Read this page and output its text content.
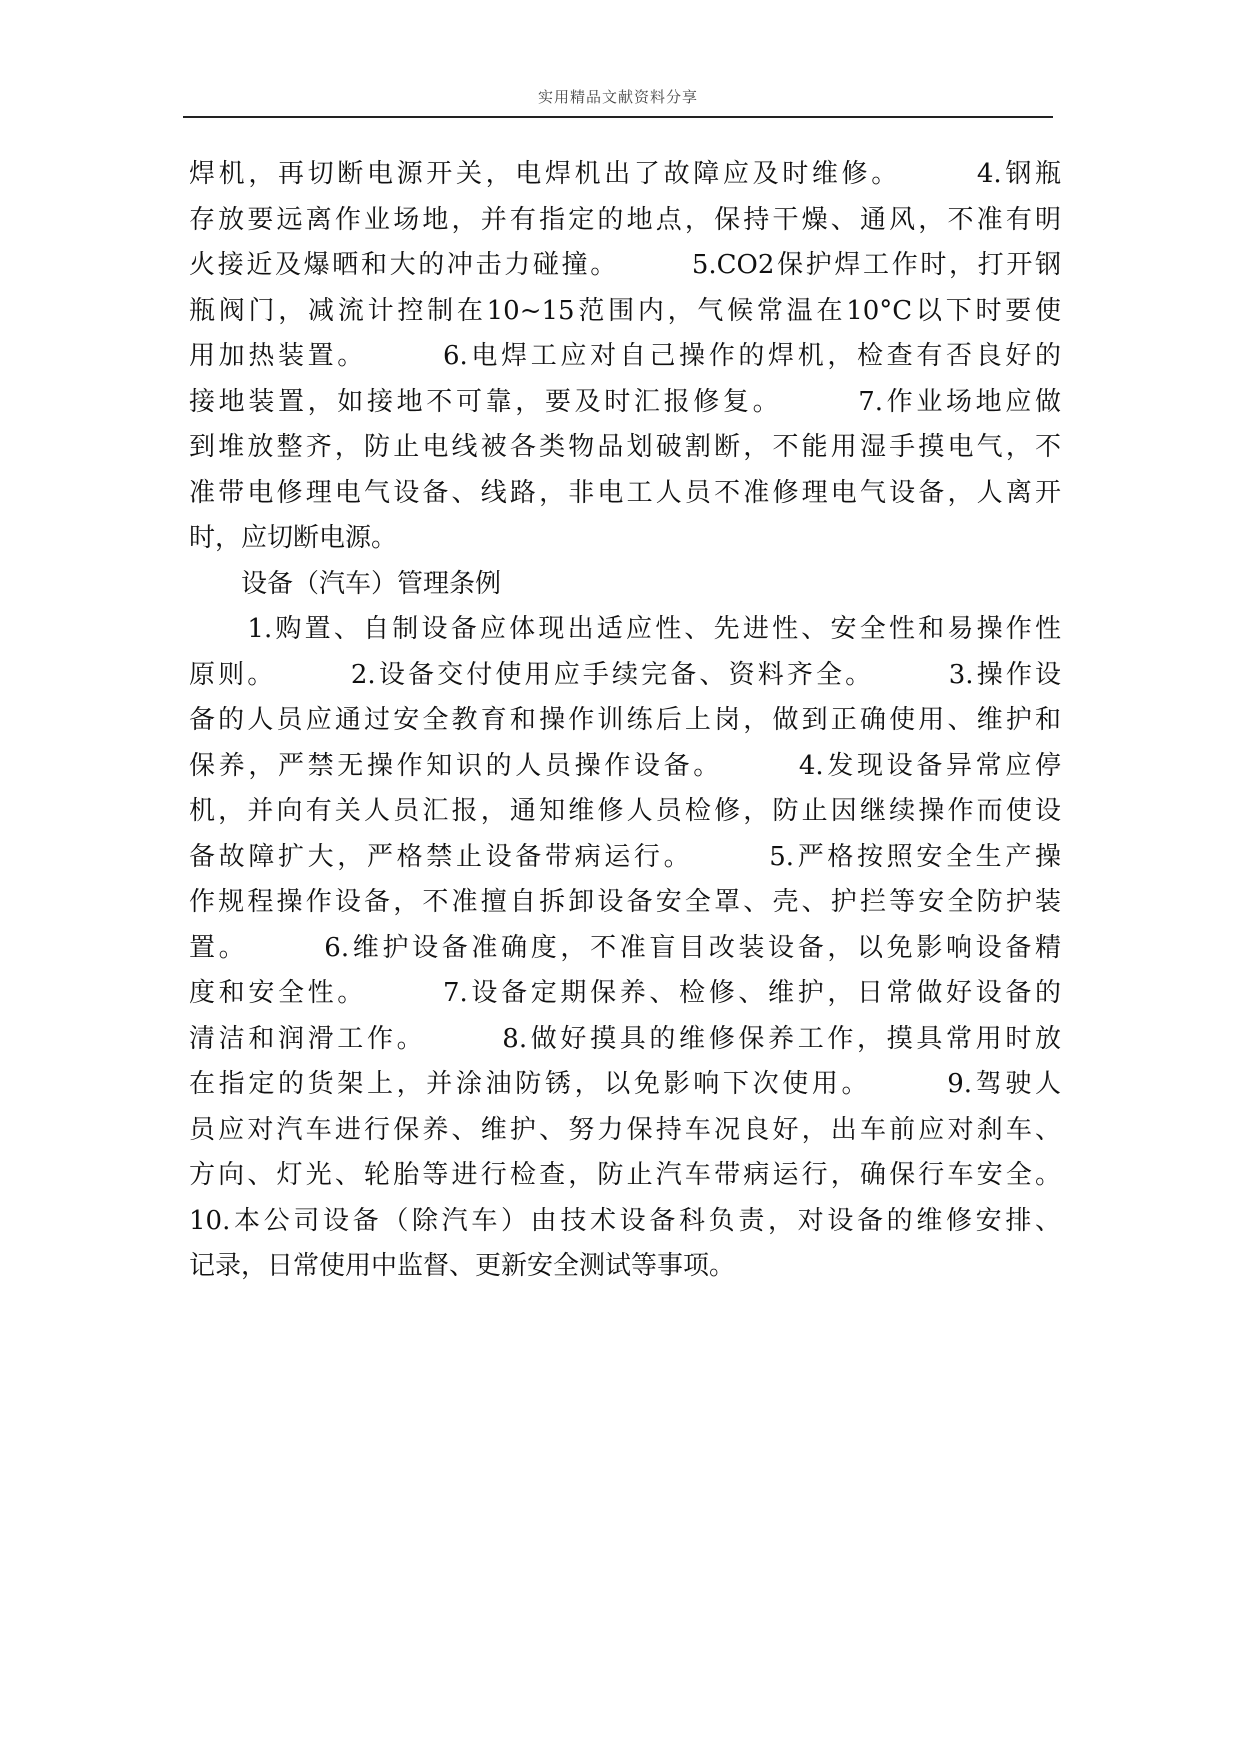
实用精品文献资料分享
焊机，再切断电源开关，电焊机出了故障应及时维修。　　　4.钢瓶
存放要远离作业场地，并有指定的地点，保持干燥、通风，不准有明
火接近及爆晒和大的冲击力碰撞。　　　5.CO2保护焊工作时，打开钢
瓶阀门，减流计控制在10~15范围内，气候常温在10°C以下时要使
用加热装置。　　　6.电焊工应对自己操作的焊机，检查有否良好的
接地装置，如接地不可靠，要及时汇报修复。　　　7.作业场地应做
到堆放整齐，防止电线被各类物品划破割断，不能用湿手摸电气，不
准带电修理电气设备、线路，非电工人员不准修理电气设备，人离开
时，应切断电源。
　　设备（汽车）管理条例
　　1.购置、自制设备应体现出适应性、先进性、安全性和易操作性
原则。　　　2.设备交付使用应手续完备、资料齐全。　　　3.操作设
备的人员应通过安全教育和操作训练后上岗，做到正确使用、维护和
保养，严禁无操作知识的人员操作设备。　　　4.发现设备异常应停
机，并向有关人员汇报，通知维修人员检修，防止因继续操作而使设
备故障扩大，严格禁止设备带病运行。　　　5.严格按照安全生产操
作规程操作设备，不准擅自拆卸设备安全罩、壳、护拦等安全防护装
置。　　　6.维护设备准确度，不准盲目改装设备，以免影响设备精
度和安全性。　　　7.设备定期保养、检修、维护，日常做好设备的
清洁和润滑工作。　　　8.做好摸具的维修保养工作，摸具常用时放
在指定的货架上，并涂油防锈，以免影响下次使用。　　　9.驾驶人
员应对汽车进行保养、维护、努力保持车况良好，出车前应对刹车、
方向、灯光、轮胎等进行检查，防止汽车带病运行，确保行车安全。
10.本公司设备（除汽车）由技术设备科负责，对设备的维修安排、
记录，日常使用中监督、更新安全测试等事项。
